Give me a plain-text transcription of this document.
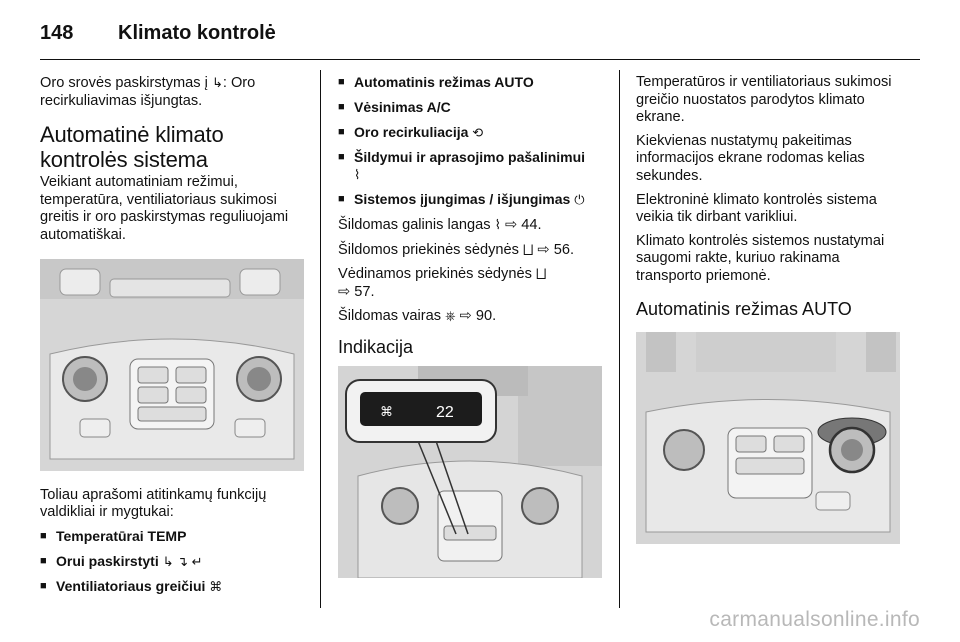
148 Klimato kontrolė

Oro srovės paskirstymas į ↳: Oro recirkuliavimas išjungtas.

Automatinė klimato kontrolės sistema

Veikiant automatiniam režimui, temperatūra, ventiliatoriaus sukimosi greitis ir oro paskirstymas reguliuojami automatiškai.

Toliau aprašomi atitinkamų funkcijų valdikliai ir mygtukai:

■ Temperatūrai TEMP
■ Orui paskirstyti ↳ ↴ ↵
■ Ventiliatoriaus greičiui ⌘
■ Automatinis režimas AUTO
■ Vėsinimas A/C
■ Oro recirkuliacija ⟲
■ Šildymui ir aprasojimo pašalinimui
⌇
■ Sistemos įjungimas / išjungimas ⏻

Šildomas galinis langas ⌇ ⇨ 44.

Šildomos priekinės sėdynės ⨆ ⇨ 56.

Vėdinamos priekinės sėdynės ⨆
⇨ 57.

Šildomas vairas ⎈ ⇨ 90.

Indikacija
⌘	22

Temperatūros ir ventiliatoriaus sukimosi greičio nuostatos parodytos klimato ekrane.

Kiekvienas nustatymų pakeitimas informacijos ekrane rodomas kelias sekundes.

Elektroninė klimato kontrolės sistema veikia tik dirbant varikliui.

Klimato kontrolės sistemos nustatymai saugomi rakte, kuriuo rakinama transporto priemonė.

Automatinis režimas AUTO
carmanualsonline.info
